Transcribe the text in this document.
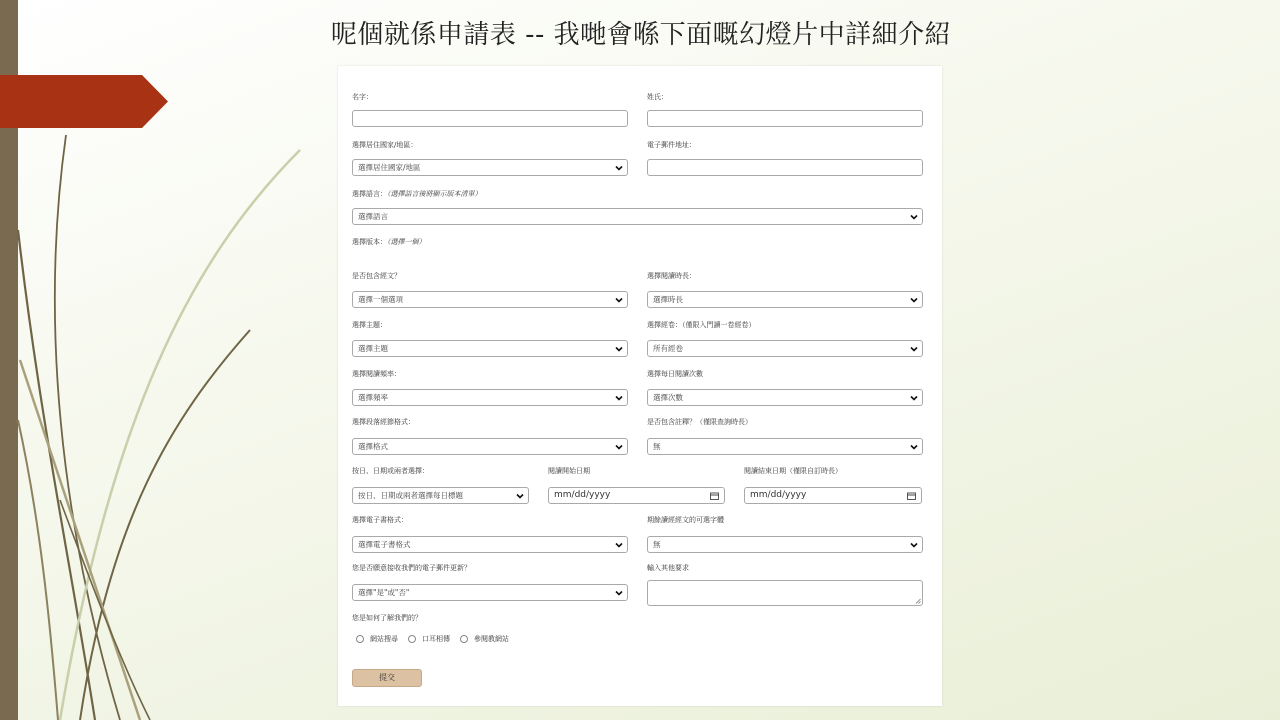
呢個就係申請表 -- 我哋會喺下面嘅幻燈片中詳細介紹
名字：	姓氏：
選擇居住國家/地區：	電子郵件地址：
選擇居住國家/地區
選擇語言：（選擇語言後將顯示版本清單）
選擇語言
選擇版本：（選擇一個）
是否包含經文？	選擇閱讀時長：
選擇一個選項	選擇時長
選擇主題：	選擇經卷：（僅限入門讀一卷經卷）
選擇主題	所有經卷
選擇閱讀頻率：	選擇每日閱讀次數
選擇頻率	選擇次數
選擇段落經節格式：	是否包含註釋？（僅限查詢時長）
選擇格式	無
按日、日期或兩者選擇：	閱讀開始日期	閱讀結束日期（僅限自訂時長）
按日、日期或兩者選擇每日標題	mm/dd/yyyy	mm/dd/yyyy
選擇電子書格式：	期餘讀經經文的可選字體
選擇電子書格式	無
您是否願意接收我們的電子郵件更新？	輸入其他要求
選擇"是"或"否"
您是如何了解我們的？
網站搜尋	口耳相傳	參閱教網站
提交
